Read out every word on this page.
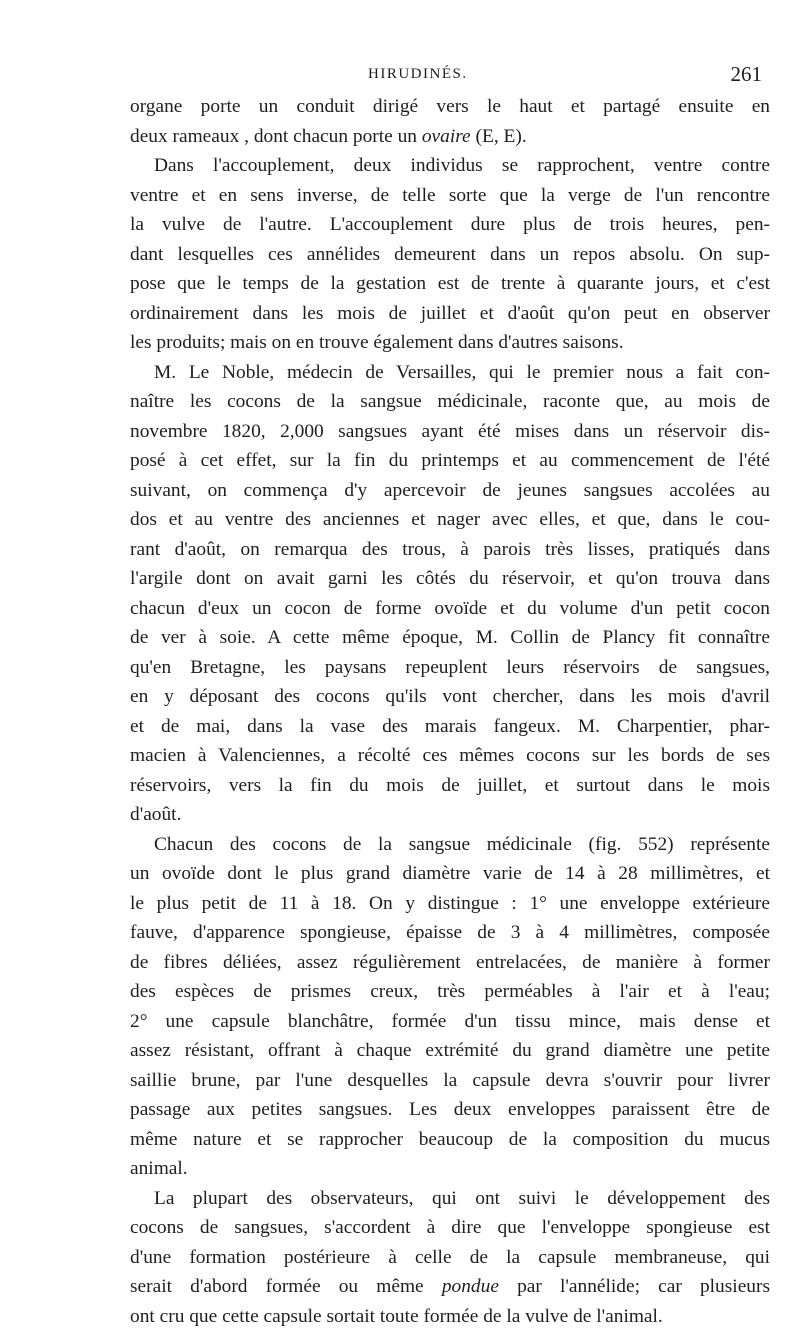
HIRUDINÉS.	261

organe porte un conduit dirigé vers le haut et partagé ensuite en
deux rameaux , dont chacun porte un ovaire (E, E).

Dans l'accouplement, deux individus se rapprochent, ventre contre
ventre et en sens inverse, de telle sorte que la verge de l'un rencontre
la vulve de l'autre. L'accouplement dure plus de trois heures, pen-
dant lesquelles ces annélides demeurent dans un repos absolu. On sup-
pose que le temps de la gestation est de trente à quarante jours, et c'est
ordinairement dans les mois de juillet et d'août qu'on peut en observer
les produits; mais on en trouve également dans d'autres saisons.

M. Le Noble, médecin de Versailles, qui le premier nous a fait con-
naître les cocons de la sangsue médicinale, raconte que, au mois de
novembre 1820, 2,000 sangsues ayant été mises dans un réservoir dis-
posé à cet effet, sur la fin du printemps et au commencement de l'été
suivant, on commença d'y apercevoir de jeunes sangsues accolées au
dos et au ventre des anciennes et nager avec elles, et que, dans le cou-
rant d'août, on remarqua des trous, à parois très lisses, pratiqués dans
l'argile dont on avait garni les côtés du réservoir, et qu'on trouva dans
chacun d'eux un cocon de forme ovoïde et du volume d'un petit cocon
de ver à soie. A cette même époque, M. Collin de Plancy fit connaître
qu'en Bretagne, les paysans repeuplent leurs réservoirs de sangsues,
en y déposant des cocons qu'ils vont chercher, dans les mois d'avril
et de mai, dans la vase des marais fangeux. M. Charpentier, phar-
macien à Valenciennes, a récolté ces mêmes cocons sur les bords de ses
réservoirs, vers la fin du mois de juillet, et surtout dans le mois
d'août.

Chacun des cocons de la sangsue médicinale (fig. 552) représente
un ovoïde dont le plus grand diamètre varie de 14 à 28 millimètres, et
le plus petit de 11 à 18. On y distingue : 1° une enveloppe extérieure
fauve, d'apparence spongieuse, épaisse de 3 à 4 millimètres, composée
de fibres déliées, assez régulièrement entrelacées, de manière à former
des espèces de prismes creux, très perméables à l'air et à l'eau;
2° une capsule blanchâtre, formée d'un tissu mince, mais dense et
assez résistant, offrant à chaque extrémité du grand diamètre une petite
saillie brune, par l'une desquelles la capsule devra s'ouvrir pour livrer
passage aux petites sangsues. Les deux enveloppes paraissent être de
même nature et se rapprocher beaucoup de la composition du mucus
animal.

La plupart des observateurs, qui ont suivi le développement des
cocons de sangsues, s'accordent à dire que l'enveloppe spongieuse est
d'une formation postérieure à celle de la capsule membraneuse, qui
serait d'abord formée ou même pondue par l'annélide; car plusieurs
ont cru que cette capsule sortait toute formée de la vulve de l'animal.
